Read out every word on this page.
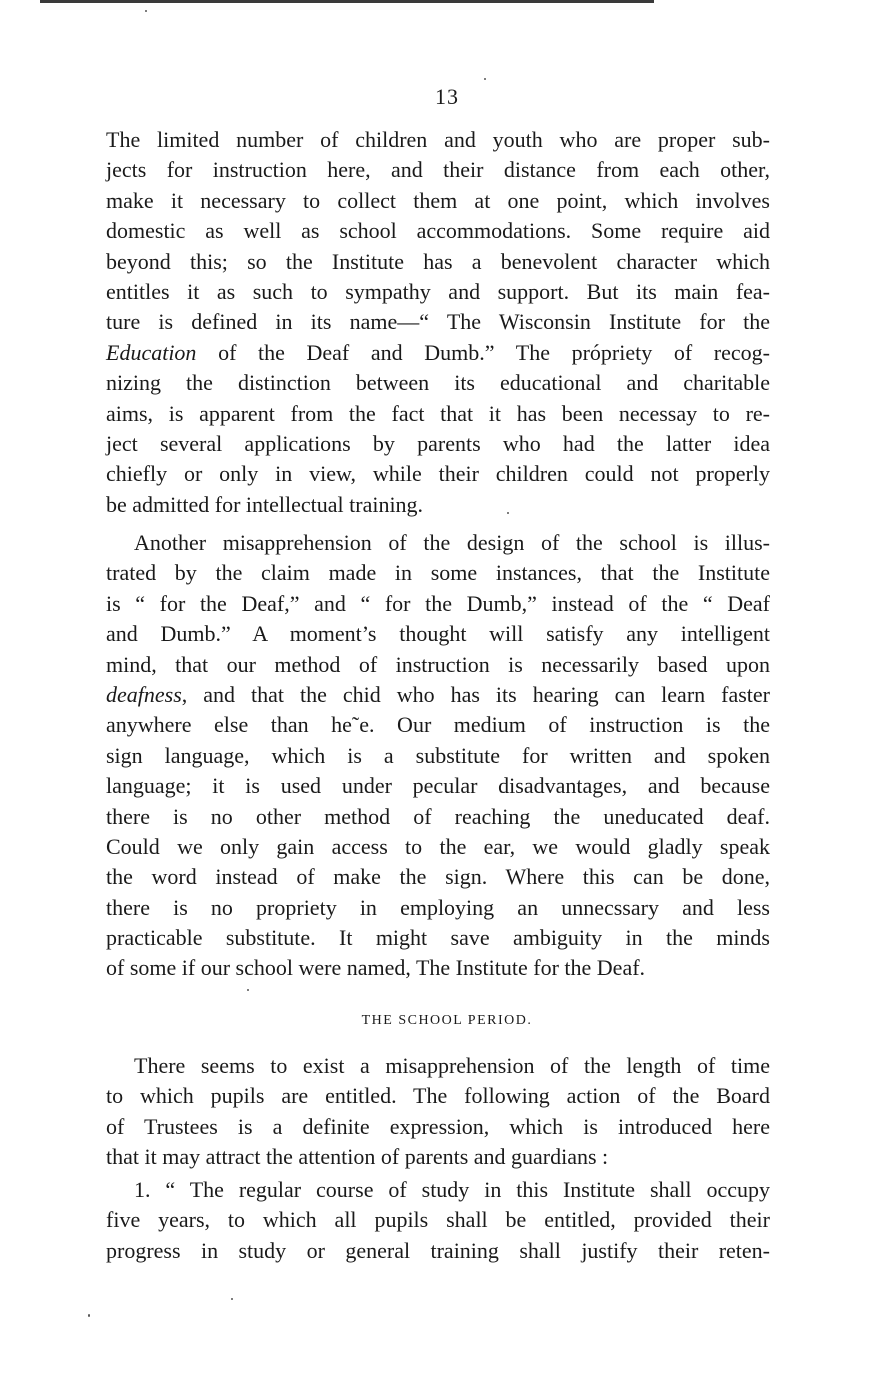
13
The limited number of children and youth who are proper sub-
jects for instruction here, and their distance from each other,
make it necessary to collect them at one point, which involves
domestic as well as school accommodations. Some require aid
beyond this; so the Institute has a benevolent character which
entitles it as such to sympathy and support. But its main fea-
ture is defined in its name—“ The Wisconsin Institute for the
Education of the Deaf and Dumb.” The própriety of recog-
nizing the distinction between its educational and charitable
aims, is apparent from the fact that it has been necessay to re-
ject several applications by parents who had the latter idea
chiefly or only in view, while their children could not properly
be admitted for intellectual training.
Another misapprehension of the design of the school is illus-
trated by the claim made in some instances, that the Institute
is “ for the Deaf,” and “ for the Dumb,” instead of the “ Deaf
and Dumb.” A moment’s thought will satisfy any intelligent
mind, that our method of instruction is necessarily based upon
deafness, and that the chid who has its hearing can learn faster
anywhere else than he˜e. Our medium of instruction is the
sign language, which is a substitute for written and spoken
language; it is used under pecular disadvantages, and because
there is no other method of reaching the uneducated deaf.
Could we only gain access to the ear, we would gladly speak
the word instead of make the sign. Where this can be done,
there is no propriety in employing an unnecssary and less
practicable substitute. It might save ambiguity in the minds
of some if our school were named, The Institute for the Deaf.
THE SCHOOL PERIOD.
There seems to exist a misapprehension of the length of time
to which pupils are entitled. The following action of the Board
of Trustees is a definite expression, which is introduced here
that it may attract the attention of parents and guardians :
1. “ The regular course of study in this Institute shall occupy
five years, to which all pupils shall be entitled, provided their
progress in study or general training shall justify their reten-
